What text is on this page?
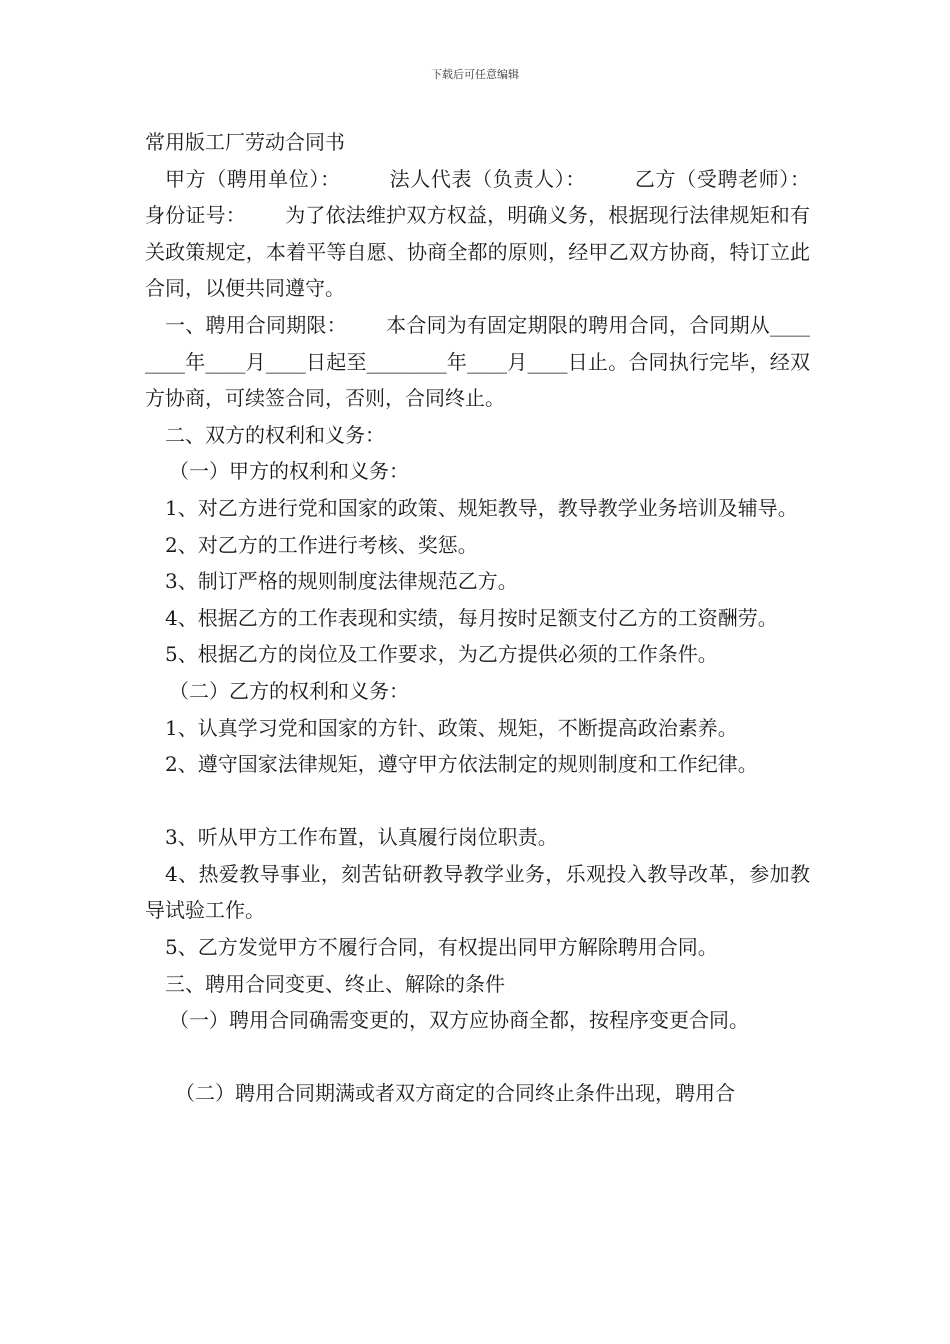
下载后可任意编辑

常用版工厂劳动合同书

甲方（聘用单位）：       法人代表（负责人）：       乙方（受聘老师）：     身份证号：      为了依法维护双方权益，明确义务，根据现行法律规矩和有关政策规定，本着平等自愿、协商全都的原则，经甲乙双方协商，特订立此合同，以便共同遵守。

一、聘用合同期限：      本合同为有固定期限的聘用合同，合同期从________年____月____日起至________年____月____日止。合同执行完毕，经双方协商，可续签合同，否则，合同终止。

二、双方的权利和义务：

（一）甲方的权利和义务：

1、对乙方进行党和国家的政策、规矩教导，教导教学业务培训及辅导。

2、对乙方的工作进行考核、奖惩。

3、制订严格的规则制度法律规范乙方。

4、根据乙方的工作表现和实绩，每月按时足额支付乙方的工资酬劳。

5、根据乙方的岗位及工作要求，为乙方提供必须的工作条件。

（二）乙方的权利和义务：

1、认真学习党和国家的方针、政策、规矩，不断提高政治素养。

2、遵守国家法律规矩，遵守甲方依法制定的规则制度和工作纪律。

3、听从甲方工作布置，认真履行岗位职责。

4、热爱教导事业，刻苦钻研教导教学业务，乐观投入教导改革，参加教导试验工作。

5、乙方发觉甲方不履行合同，有权提出同甲方解除聘用合同。

三、聘用合同变更、终止、解除的条件

（一）聘用合同确需变更的，双方应协商全都，按程序变更合同。

（二）聘用合同期满或者双方商定的合同终止条件出现，聘用合
